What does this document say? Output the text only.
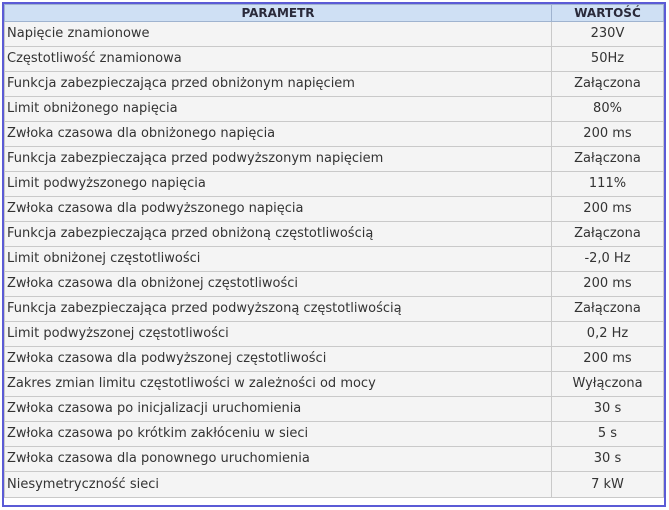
PARAMETR	WARTOŚĆ
Napięcie znamionowe	230V
Częstotliwość znamionowa	50Hz
Funkcja zabezpieczająca przed obniżonym napięciem	Załączona
Limit obniżonego napięcia	80%
Zwłoka czasowa dla obniżonego napięcia	200 ms
Funkcja zabezpieczająca przed podwyższonym napięciem	Załączona
Limit podwyższonego napięcia	111%
Zwłoka czasowa dla podwyższonego napięcia	200 ms
Funkcja zabezpieczająca przed obniżoną częstotliwością	Załączona
Limit obniżonej częstotliwości	-2,0 Hz
Zwłoka czasowa dla obniżonej częstotliwości	200 ms
Funkcja zabezpieczająca przed podwyższoną częstotliwością	Załączona
Limit podwyższonej częstotliwości	0,2 Hz
Zwłoka czasowa dla podwyższonej częstotliwości	200 ms
Zakres zmian limitu częstotliwości w zależności od mocy	Wyłączona
Zwłoka czasowa po inicjalizacji uruchomienia	30 s
Zwłoka czasowa po krótkim zakłóceniu w sieci	5 s
Zwłoka czasowa dla ponownego uruchomienia	30 s
Niesymetryczność sieci	7 kW
